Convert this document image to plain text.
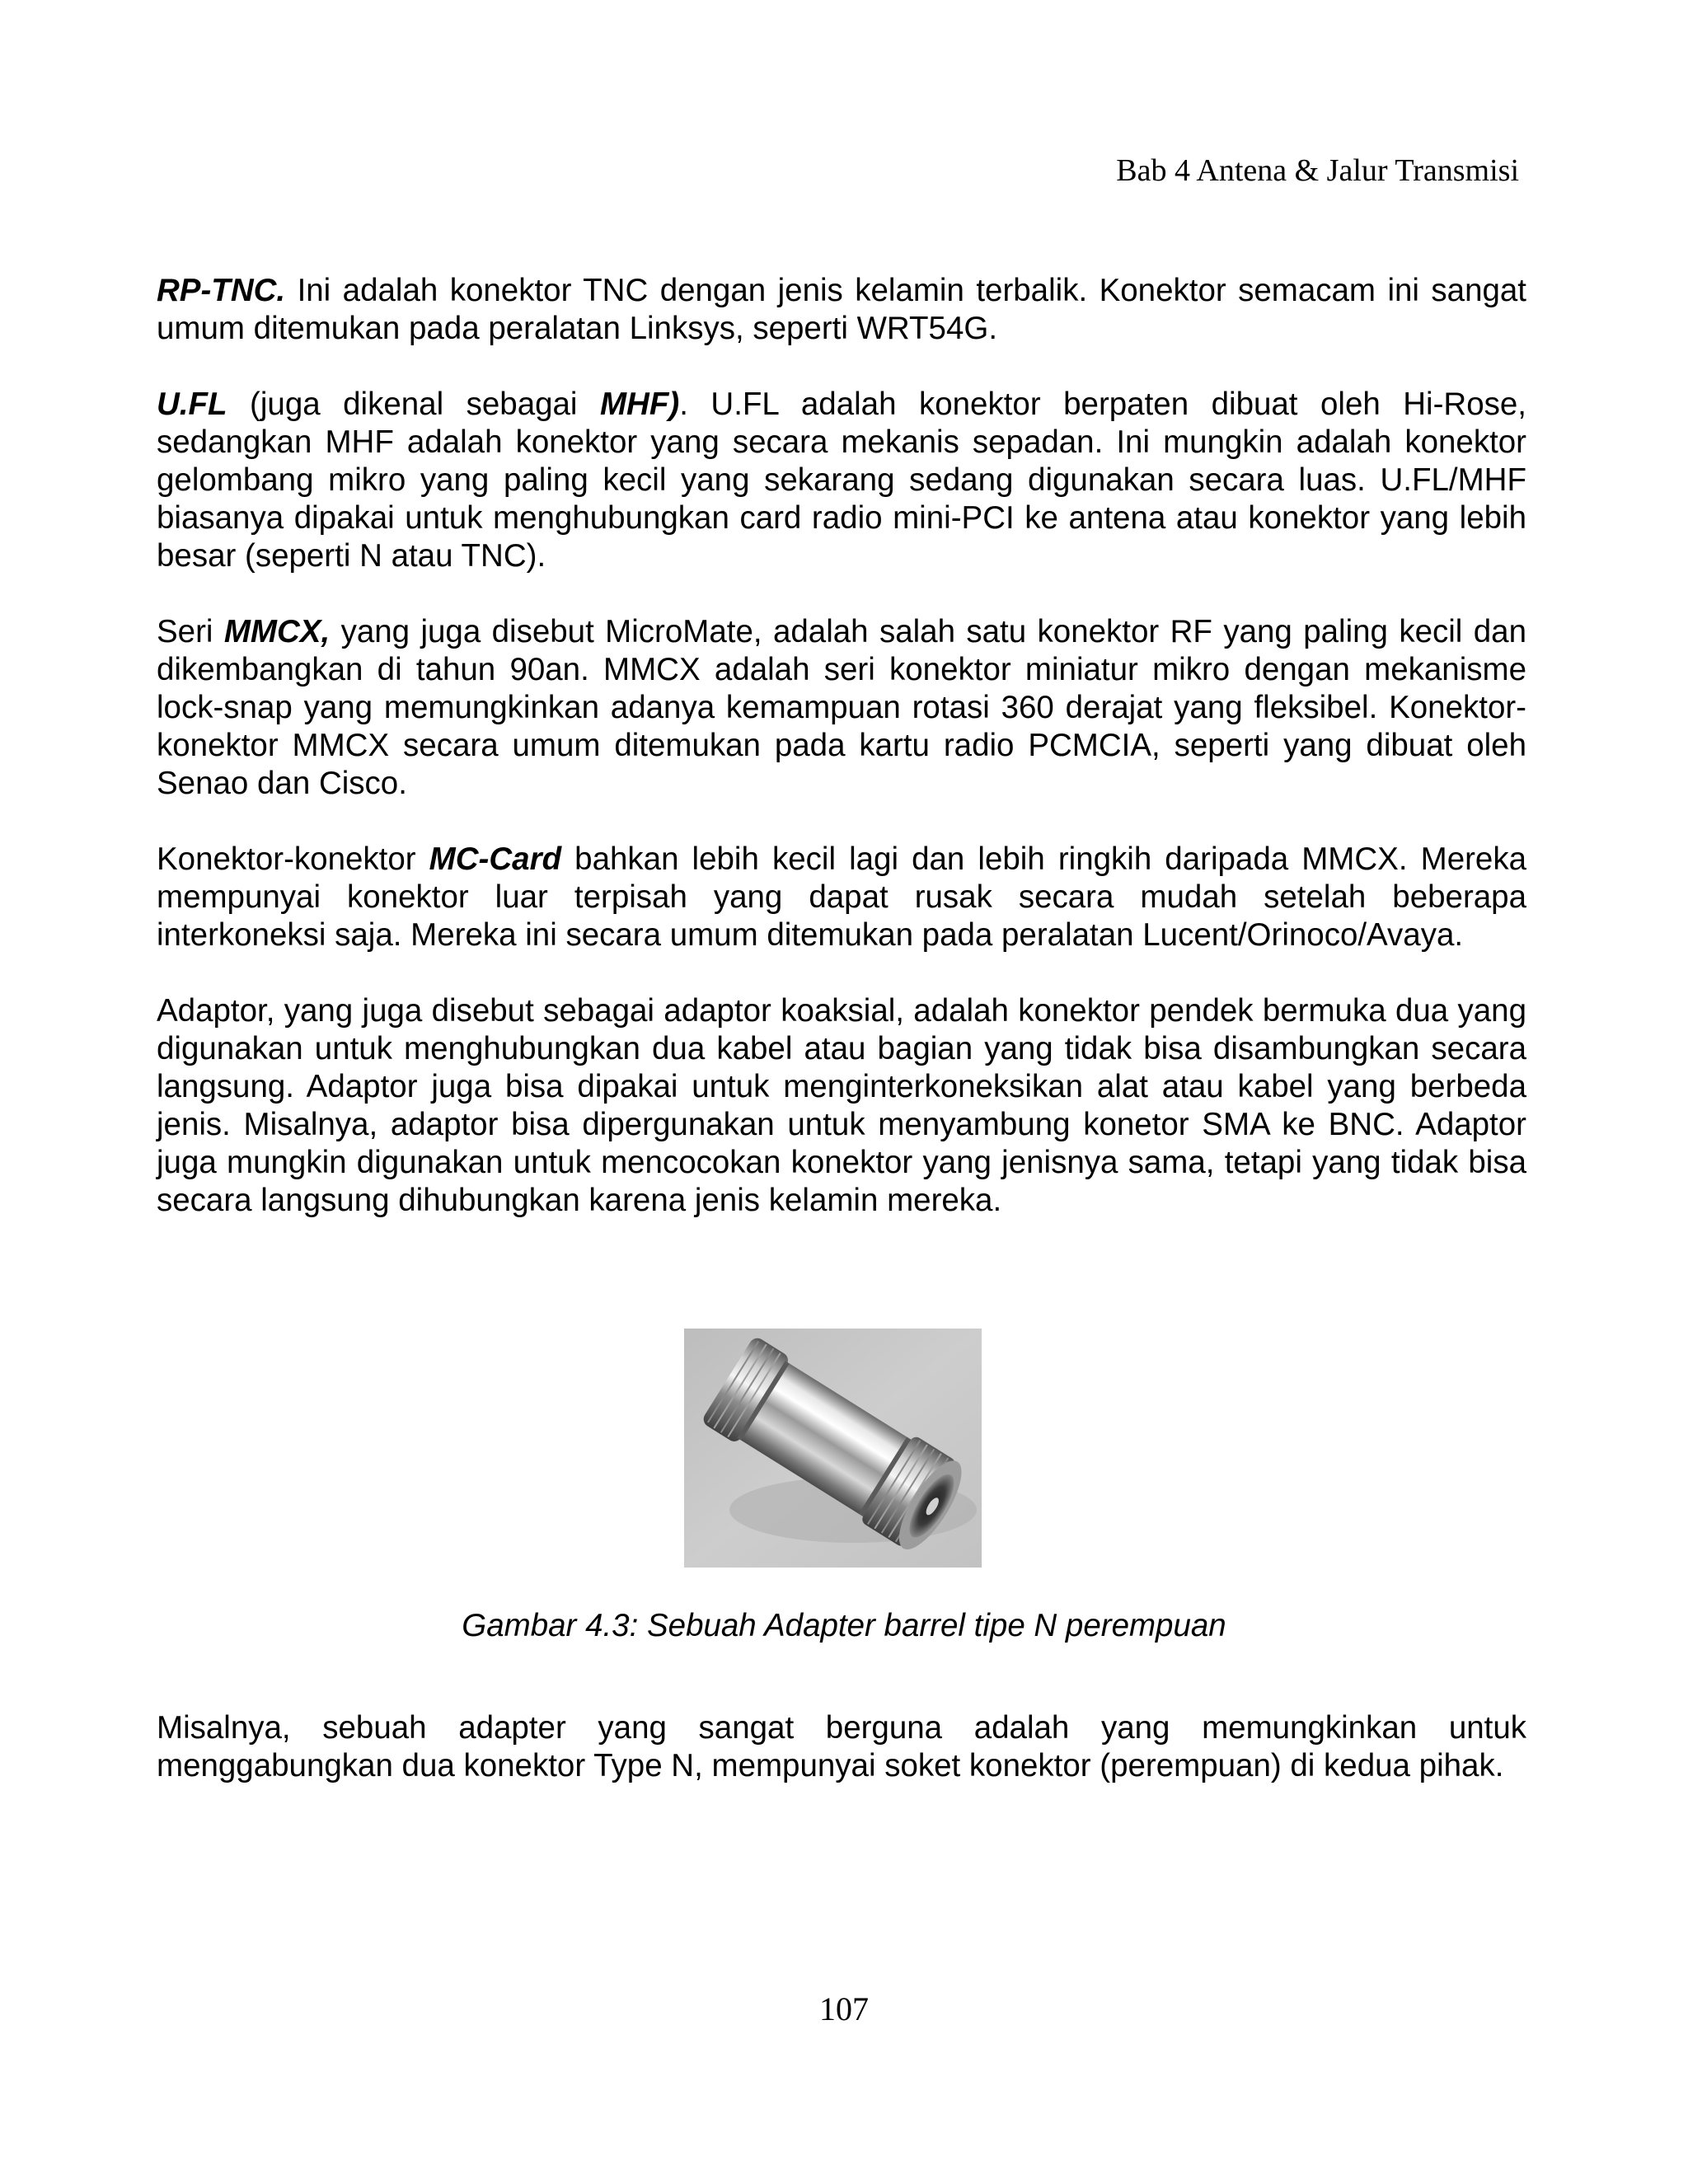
Bab 4 Antena & Jalur Transmisi
RP-TNC. Ini adalah konektor TNC dengan jenis kelamin terbalik. Konektor semacam ini sangat umum ditemukan pada peralatan Linksys, seperti WRT54G.
U.FL (juga dikenal sebagai MHF). U.FL adalah konektor berpaten dibuat oleh Hi-Rose, sedangkan MHF adalah konektor yang secara mekanis sepadan. Ini mungkin adalah konektor gelombang mikro yang paling kecil yang sekarang sedang digunakan secara luas. U.FL/MHF biasanya dipakai untuk menghubungkan card radio mini-PCI ke antena atau konektor yang lebih besar (seperti N atau TNC).
Seri MMCX, yang juga disebut MicroMate, adalah salah satu konektor RF yang paling kecil dan dikembangkan di tahun 90an. MMCX adalah seri konektor miniatur mikro dengan mekanisme lock-snap yang memungkinkan adanya kemampuan rotasi 360 derajat yang fleksibel. Konektor-konektor MMCX secara umum ditemukan pada kartu radio PCMCIA, seperti yang dibuat oleh Senao dan Cisco.
Konektor-konektor MC-Card bahkan lebih kecil lagi dan lebih ringkih daripada MMCX. Mereka mempunyai konektor luar terpisah yang dapat rusak secara mudah setelah beberapa interkoneksi saja. Mereka ini secara umum ditemukan pada peralatan Lucent/Orinoco/Avaya.
Adaptor, yang juga disebut sebagai adaptor koaksial, adalah konektor pendek bermuka dua yang digunakan untuk menghubungkan dua kabel atau bagian yang tidak bisa disambungkan secara langsung. Adaptor juga bisa dipakai untuk menginterkoneksikan alat atau kabel yang berbeda jenis. Misalnya, adaptor bisa dipergunakan untuk menyambung konetor SMA ke BNC. Adaptor juga mungkin digunakan untuk mencocokan konektor yang jenisnya sama, tetapi yang tidak bisa secara langsung dihubungkan karena jenis kelamin mereka.
Gambar 4.3: Sebuah Adapter barrel tipe N perempuan
Misalnya, sebuah adapter yang sangat berguna adalah yang memungkinkan untuk menggabungkan dua konektor Type N, mempunyai soket konektor (perempuan) di kedua pihak.
107
